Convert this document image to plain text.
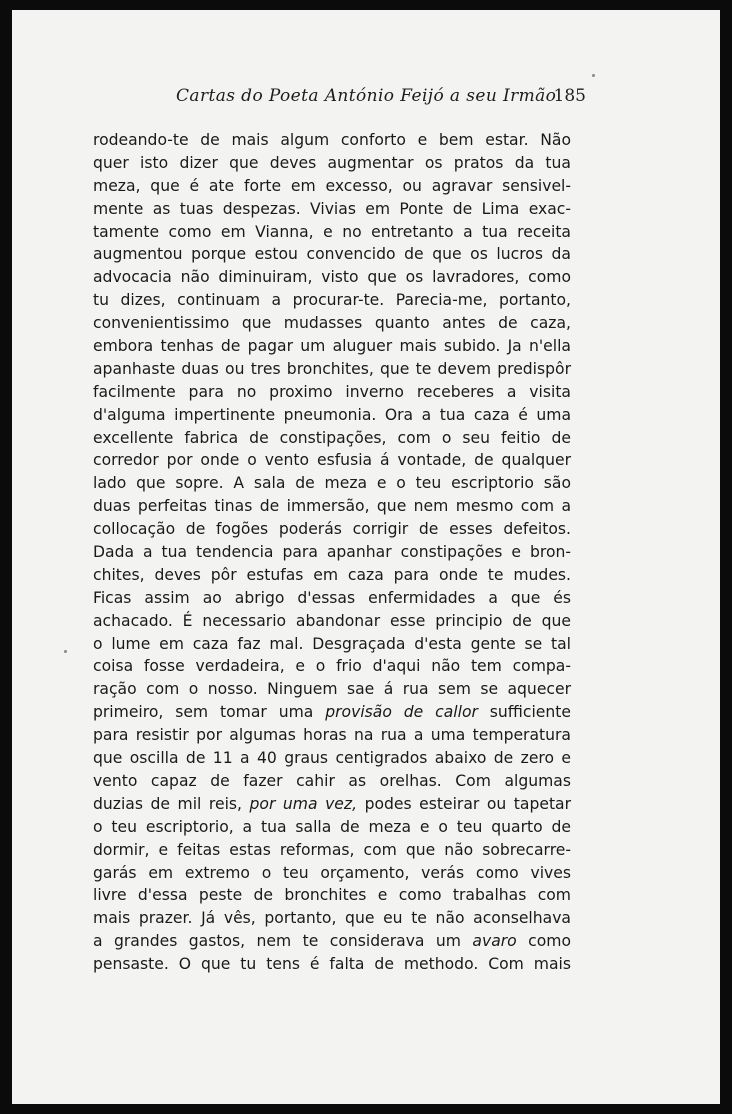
Cartas do Poeta António Feijó a seu Irmão
185
rodeando-te de mais algum conforto e bem estar. Não
quer isto dizer que deves augmentar os pratos da tua
meza, que é ate forte em excesso, ou agravar sensivel-
mente as tuas despezas. Vivias em Ponte de Lima exac-
tamente como em Vianna, e no entretanto a tua receita
augmentou porque estou convencido de que os lucros da
advocacia não diminuiram, visto que os lavradores, como
tu dizes, continuam a procurar-te. Parecia-me, portanto,
convenientissimo que mudasses quanto antes de caza,
embora tenhas de pagar um aluguer mais subido. Ja n'ella
apanhaste duas ou tres bronchites, que te devem predispôr
facilmente para no proximo inverno receberes a visita
d'alguma impertinente pneumonia. Ora a tua caza é uma
excellente fabrica de constipações, com o seu feitio de
corredor por onde o vento esfusia á vontade, de qualquer
lado que sopre. A sala de meza e o teu escriptorio são
duas perfeitas tinas de immersão, que nem mesmo com a
collocação de fogões poderás corrigir de esses defeitos.
Dada a tua tendencia para apanhar constipações e bron-
chites, deves pôr estufas em caza para onde te mudes.
Ficas assim ao abrigo d'essas enfermidades a que és
achacado. É necessario abandonar esse principio de que
o lume em caza faz mal. Desgraçada d'esta gente se tal
coisa fosse verdadeira, e o frio d'aqui não tem compa-
ração com o nosso. Ninguem sae á rua sem se aquecer
primeiro, sem tomar uma provisão de callor sufficiente
para resistir por algumas horas na rua a uma temperatura
que oscilla de 11 a 40 graus centigrados abaixo de zero e
vento capaz de fazer cahir as orelhas. Com algumas
duzias de mil reis, por uma vez, podes esteirar ou tapetar
o teu escriptorio, a tua salla de meza e o teu quarto de
dormir, e feitas estas reformas, com que não sobrecarre-
garás em extremo o teu orçamento, verás como vives
livre d'essa peste de bronchites e como trabalhas com
mais prazer. Já vês, portanto, que eu te não aconselhava
a grandes gastos, nem te considerava um avaro como
pensaste. O que tu tens é falta de methodo. Com mais
